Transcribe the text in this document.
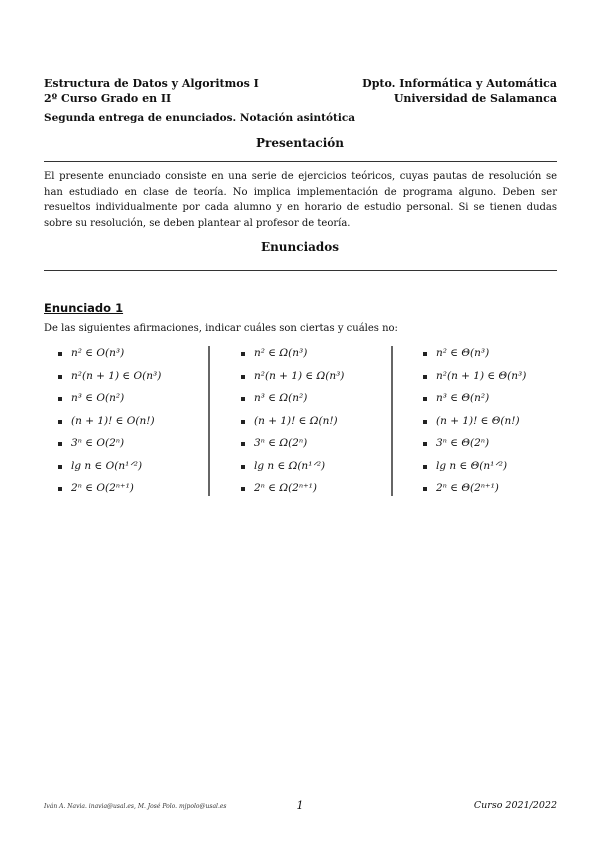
Estructura de Datos y Algoritmos I
2º Curso Grado en II
Dpto. Informática y Automática
Universidad de Salamanca
Segunda entrega de enunciados. Notación asintótica
Presentación
El presente enunciado consiste en una serie de ejercicios teóricos, cuyas pautas de resolución se han estudiado en clase de teoría. No implica implementación de programa alguno. Deben ser resueltos individualmente por cada alumno y en horario de estudio personal. Si se tienen dudas sobre su resolución, se deben plantear al profesor de teoría.
Enunciados
Enunciado 1
De las siguientes afirmaciones, indicar cuáles son ciertas y cuáles no:
n² ∈ O(n³)
n²(n + 1) ∈ O(n³)
n³ ∈ O(n²)
(n + 1)! ∈ O(n!)
3ⁿ ∈ O(2ⁿ)
lg n ∈ O(n¹ᐟ²)
2ⁿ ∈ O(2ⁿ⁺¹)
n² ∈ Ω(n³)
n²(n + 1) ∈ Ω(n³)
n³ ∈ Ω(n²)
(n + 1)! ∈ Ω(n!)
3ⁿ ∈ Ω(2ⁿ)
lg n ∈ Ω(n¹ᐟ²)
2ⁿ ∈ Ω(2ⁿ⁺¹)
n² ∈ Θ(n³)
n²(n + 1) ∈ Θ(n³)
n³ ∈ Θ(n²)
(n + 1)! ∈ Θ(n!)
3ⁿ ∈ Θ(2ⁿ)
lg n ∈ Θ(n¹ᐟ²)
2ⁿ ∈ Θ(2ⁿ⁺¹)
Iván A. Navia. inavia@usal.es, M. José Polo. mjpolo@usal.es	1	Curso 2021/2022
